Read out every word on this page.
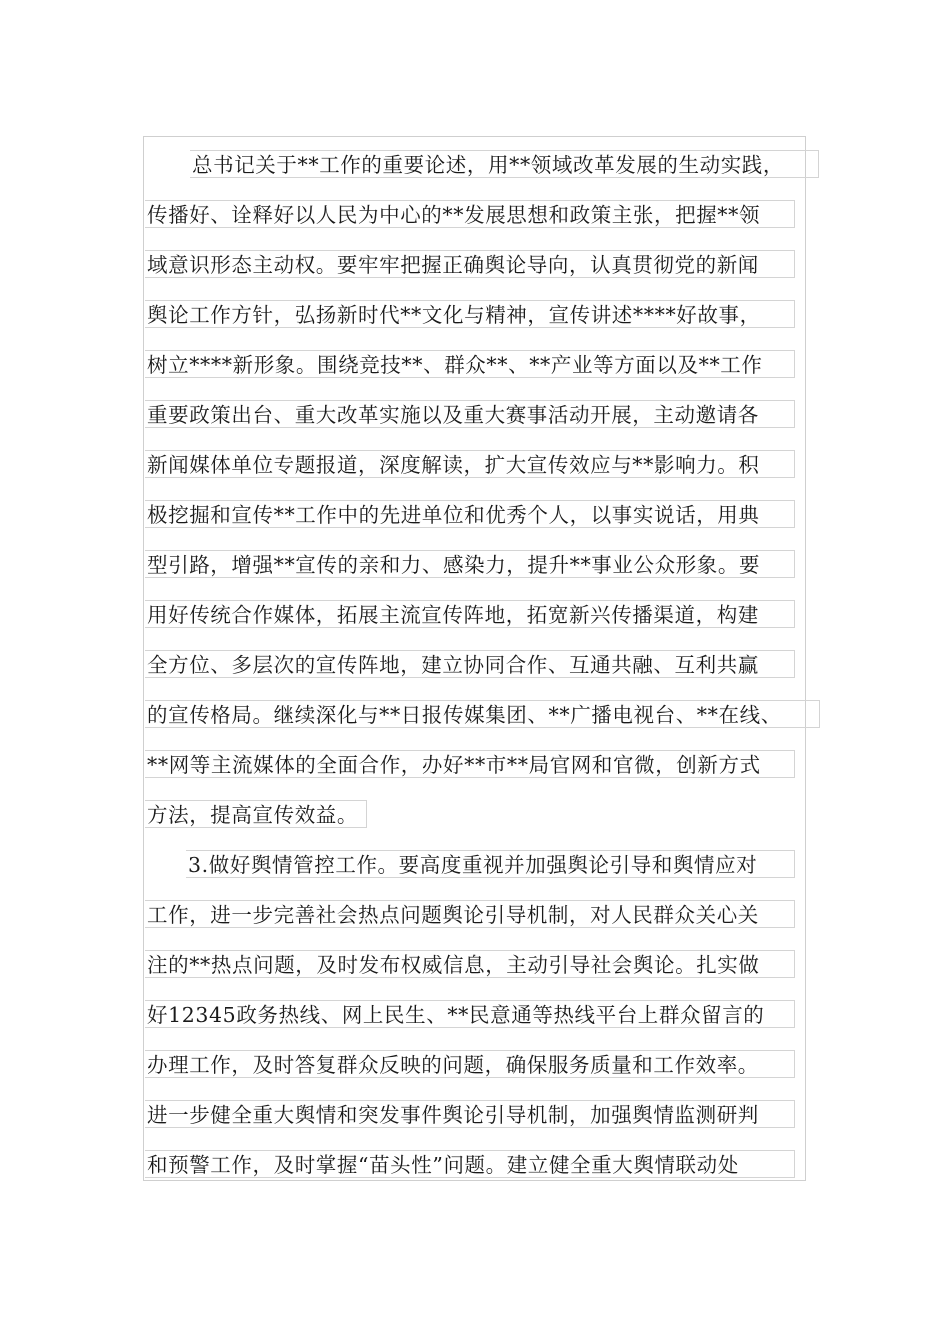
总书记关于**工作的重要论述，用**领域改革发展的生动实践，
传播好、诠释好以人民为中心的**发展思想和政策主张，把握**领
域意识形态主动权。要牢牢把握正确舆论导向，认真贯彻党的新闻
舆论工作方针，弘扬新时代**文化与精神，宣传讲述****好故事，
树立****新形象。围绕竞技**、群众**、**产业等方面以及**工作
重要政策出台、重大改革实施以及重大赛事活动开展，主动邀请各
新闻媒体单位专题报道，深度解读，扩大宣传效应与**影响力。积
极挖掘和宣传**工作中的先进单位和优秀个人，以事实说话，用典
型引路，增强**宣传的亲和力、感染力，提升**事业公众形象。要
用好传统合作媒体，拓展主流宣传阵地，拓宽新兴传播渠道，构建
全方位、多层次的宣传阵地，建立协同合作、互通共融、互利共赢
的宣传格局。继续深化与**日报传媒集团、**广播电视台、**在线、
**网等主流媒体的全面合作，办好**市**局官网和官微，创新方式
方法，提高宣传效益。
3.做好舆情管控工作。要高度重视并加强舆论引导和舆情应对
工作，进一步完善社会热点问题舆论引导机制，对人民群众关心关
注的**热点问题，及时发布权威信息，主动引导社会舆论。扎实做
好12345政务热线、网上民生、**民意通等热线平台上群众留言的
办理工作，及时答复群众反映的问题，确保服务质量和工作效率。
进一步健全重大舆情和突发事件舆论引导机制，加强舆情监测研判
和预警工作，及时掌握“苗头性”问题。建立健全重大舆情联动处
